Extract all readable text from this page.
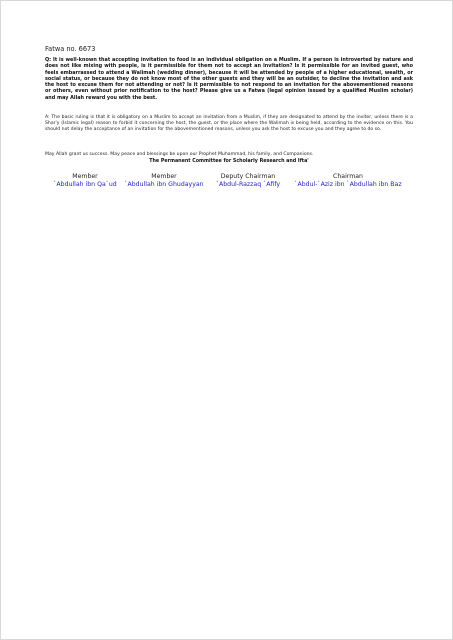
Fatwa no. 6673

Q: It is well-known that accepting invitation to food is an individual obligation on a Muslim. If a person is introverted by nature and does not like mixing with people, is it permissible for them not to accept an invitation? Is it permissible for an invited guest, who feels embarrassed to attend a Walimah (wedding dinner), because it will be attended by people of a higher educational, wealth, or social status, or because they do not know most of the other guests and they will be an outsider, to decline the invitation and ask the host to excuse them for not attending or not? Is it permissible to not respond to an invitation for the abovementioned reasons or others, even without prior notification to the host? Please give us a Fatwa (legal opinion issued by a qualified Muslim scholar) and may Allah reward you with the best.

A: The basic ruling is that it is obligatory on a Muslim to accept an invitation from a Muslim, if they are designated to attend by the inviter, unless there is a Shar'y (Islamic legal) reason to forbid it concerning the host, the guest, or the place where the Walimah is being held, according to the evidence on this. You should not delay the acceptance of an invitation for the abovementioned reasons, unless you ask the host to excuse you and they agree to do so.

May Allah grant us success. May peace and blessings be upon our Prophet Muhammad, his family, and Companions.

The Permanent Committee for Scholarly Research and Ifta'

Member
`Abdullah ibn Qa`ud
Member
`Abdullah ibn Ghudayyan
Deputy Chairman
`Abdul-Razzaq `Afify
Chairman
`Abdul-`Aziz ibn `Abdullah ibn Baz
